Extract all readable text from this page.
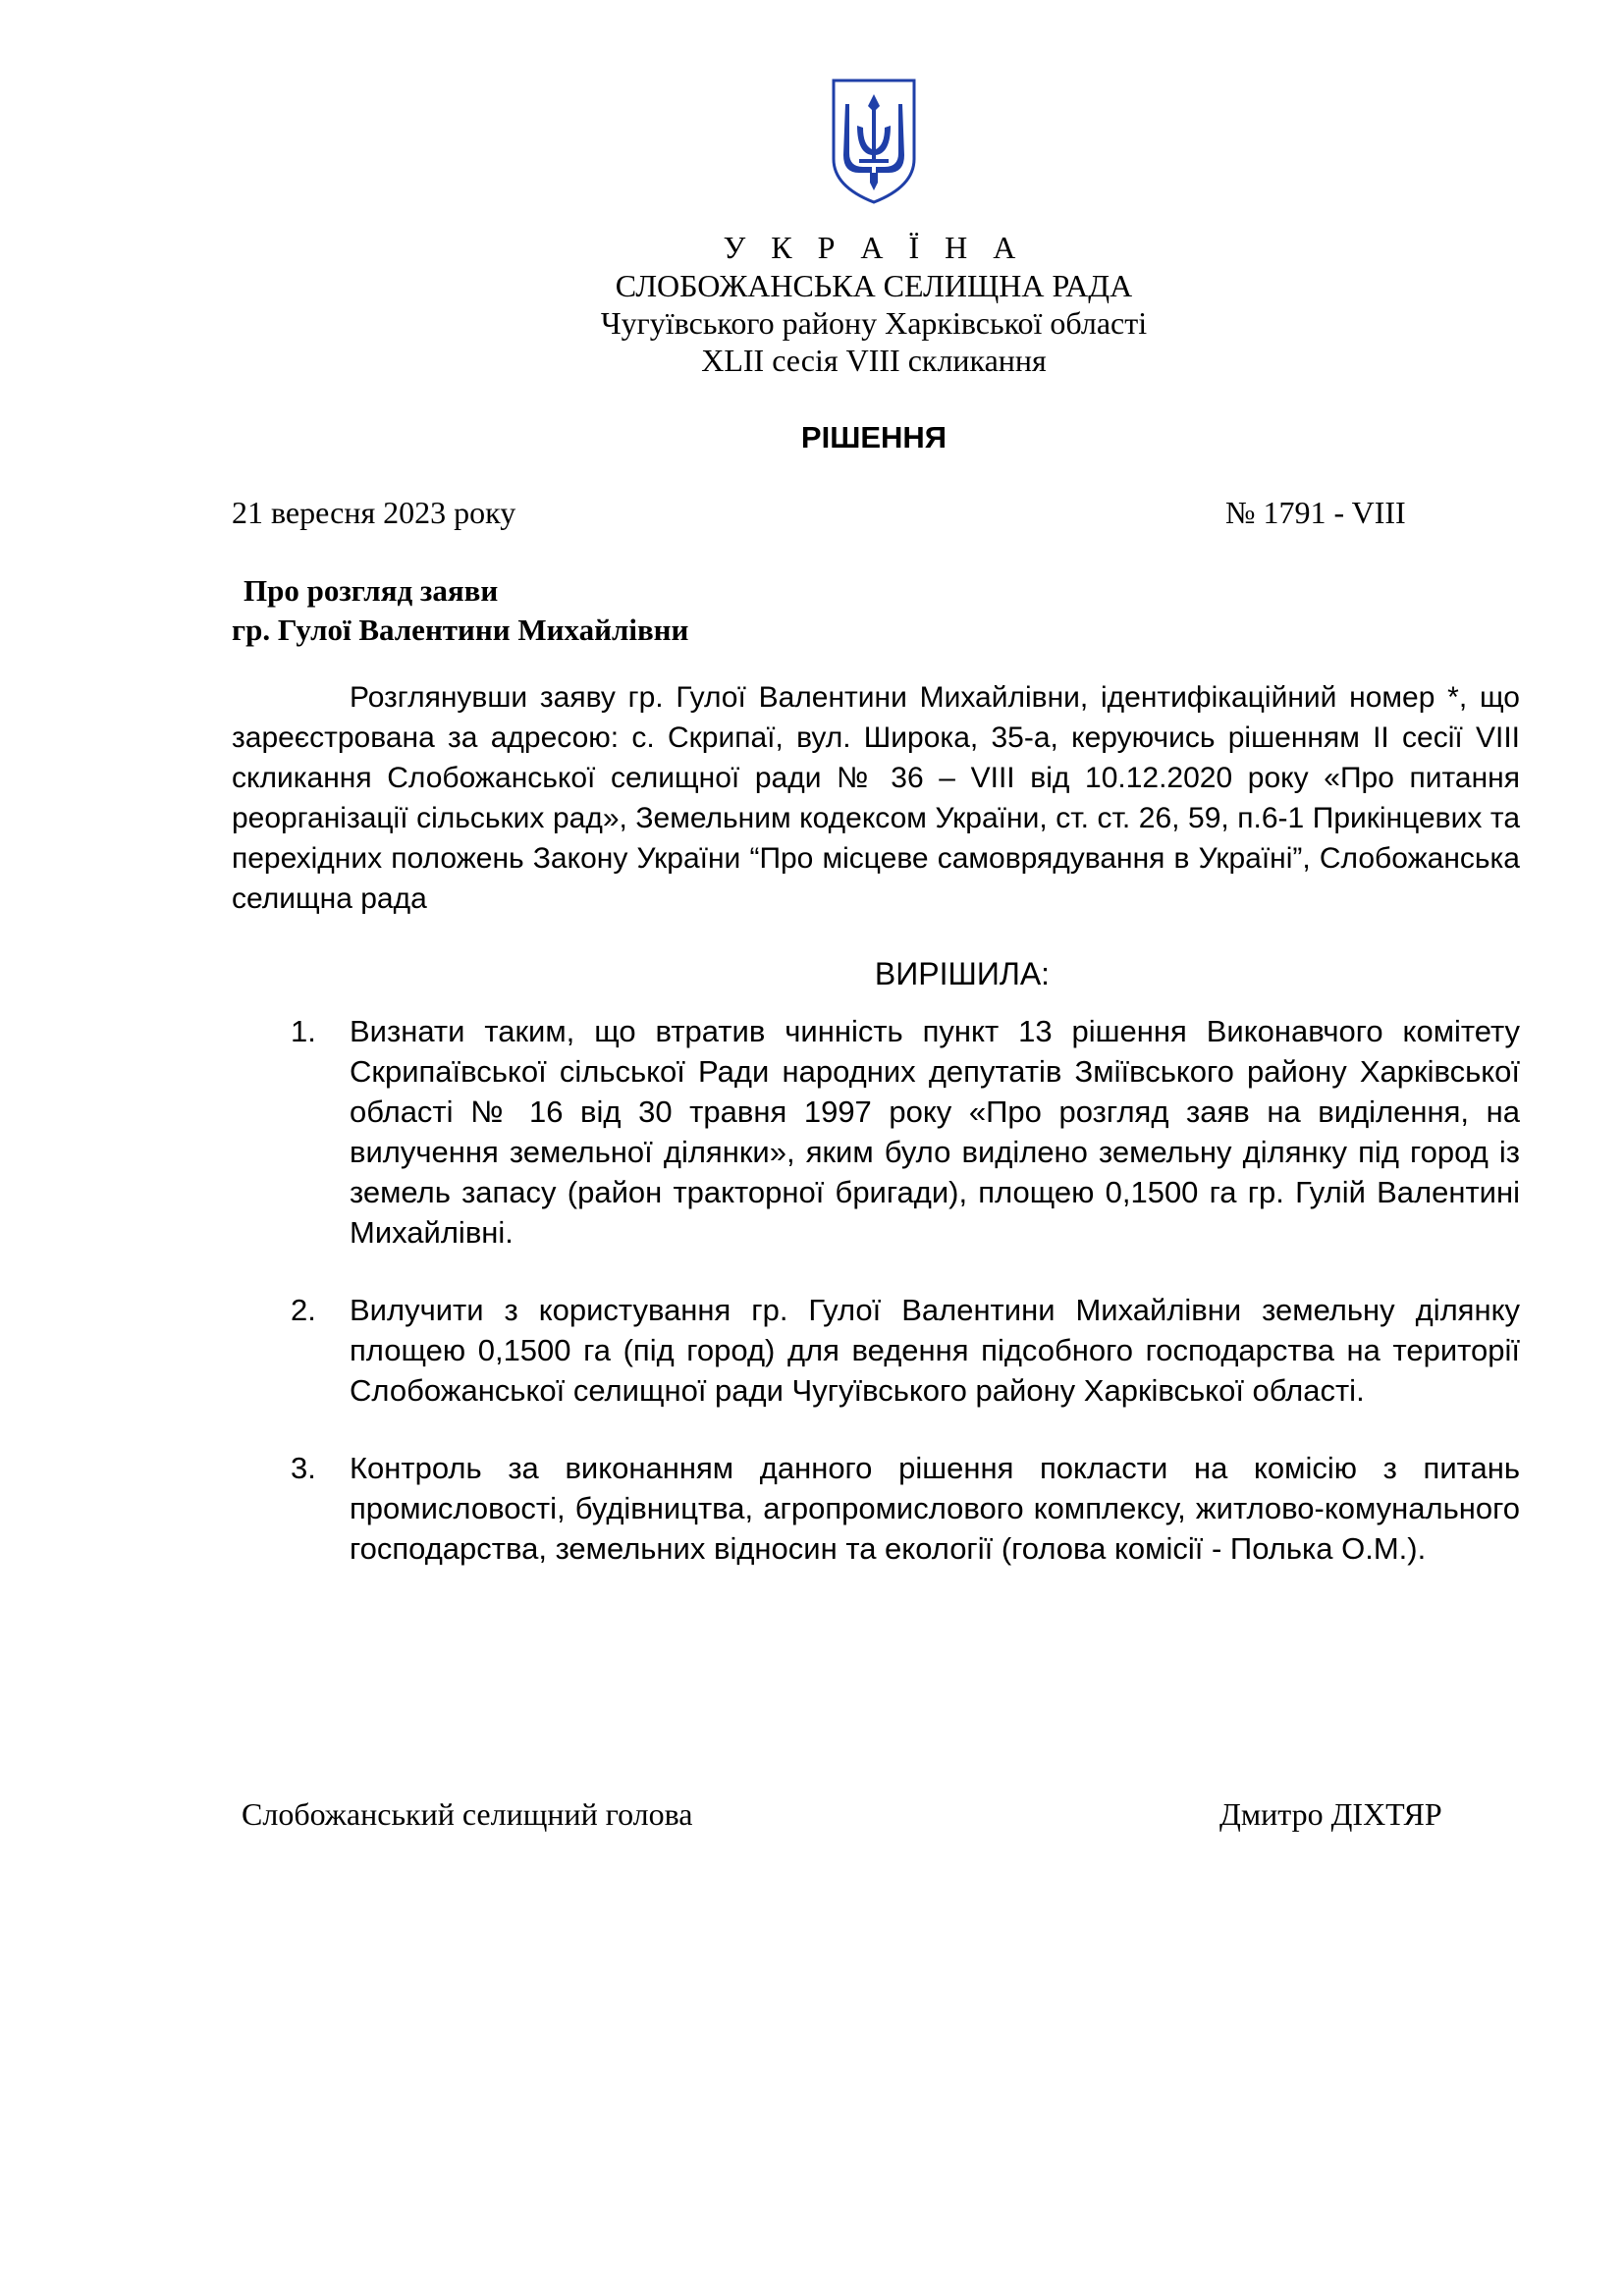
У К Р А Ї Н А
СЛОБОЖАНСЬКА СЕЛИЩНА РАДА
Чугуївського району Харківської області
XLII сесія VIII скликання
РІШЕННЯ
21 вересня 2023 року	№ 1791 - VIII
Про розгляд заяви
гр. Гулої Валентини Михайлівни
Розглянувши заяву гр. Гулої Валентини Михайлівни, ідентифікаційний номер *, що зареєстрована за адресою: с. Скрипаї, вул. Широка, 35-а, керуючись рішенням ІІ сесії VІІІ скликання Слобожанської селищної ради № 36 – VІІІ від 10.12.2020 року «Про питання реорганізації сільських рад», Земельним кодексом України, ст. ст. 26, 59, п.6-1 Прикінцевих та перехідних положень Закону України “Про місцеве самоврядування в Україні”, Слобожанська селищна рада
ВИРІШИЛА:
1. Визнати таким, що втратив чинність пункт 13 рішення Виконавчого комітету Скрипаївської сільської Ради народних депутатів Зміївського району Харківської області № 16 від 30 травня 1997 року «Про розгляд заяв на виділення, на вилучення земельної ділянки», яким було виділено земельну ділянку під город із земель запасу (район тракторної бригади), площею 0,1500 га гр. Гулій Валентині Михайлівні.
2. Вилучити з користування гр. Гулої Валентини Михайлівни земельну ділянку площею 0,1500 га (під город) для ведення підсобного господарства на території Слобожанської селищної ради Чугуївського району Харківської області.
3. Контроль за виконанням данного рішення покласти на комісію з питань промисловості, будівництва, агропромислового комплексу, житлово-комунального господарства, земельних відносин та екології (голова комісії - Полька О.М.).
Слобожанський селищний голова	Дмитро ДІХТЯР
